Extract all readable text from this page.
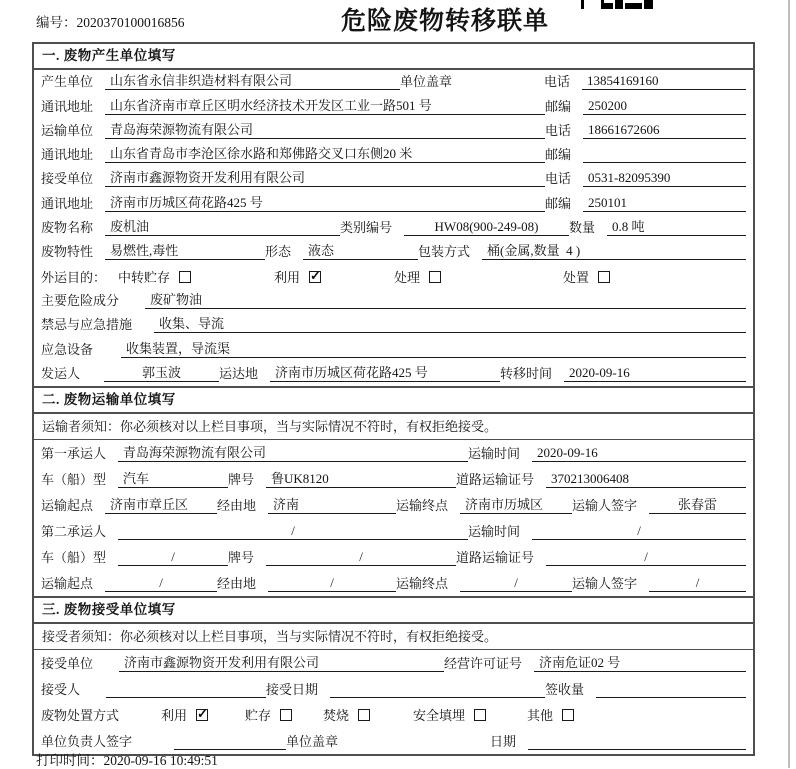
编号：2020370100016856	危险废物转移联单
一. 废物产生单位填写
产生单位	山东省永信非织造材料有限公司	单位盖章	电话	13854169160
通讯地址	山东省济南市章丘区明水经济技术开发区工业一路501 号	邮编	250200
运输单位	青岛海荣源物流有限公司	电话	18661672606
通讯地址	山东省青岛市李沧区徐水路和郑佛路交叉口东侧20 米	邮编
接受单位	济南市鑫源物资开发利用有限公司	电话	0531-82095390
通讯地址	济南市历城区荷花路425 号	邮编	250101
废物名称	废机油	类别编号	HW08(900-249-08)	数量	0.8 吨
废物特性	易燃性,毒性	形态	液态	包装方式	桶(金属,数量  4 )
外运目的： 中转贮存	利用 ✓	处理	处置
主要危险成分	废矿物油
禁忌与应急措施	收集、导流
应急设备	收集装置，导流渠
发运人	郭玉波	运达地	济南市历城区荷花路425 号	转移时间	2020-09-16
二. 废物运输单位填写
运输者须知：你必须核对以上栏目事项，当与实际情况不符时，有权拒绝接受。
第一承运人	青岛海荣源物流有限公司	运输时间	2020-09-16
车（船）型	汽车	牌号	鲁UK8120	道路运输证号	370213006408
运输起点	济南市章丘区	经由地	济南	运输终点	济南市历城区	运输人签字	张春雷
第二承运人	/	运输时间	/
车（船）型	/	牌号	/	道路运输证号	/
运输起点	/	经由地	/	运输终点	/	运输人签字	/
三. 废物接受单位填写
接受者须知：你必须核对以上栏目事项，当与实际情况不符时，有权拒绝接受。
接受单位	济南市鑫源物资开发利用有限公司	经营许可证号	济南危证02 号
接受人	接受日期	签收量
废物处置方式	利用 ✓	贮存	焚烧	安全填埋	其他
单位负责人签字	单位盖章	日期
打印时间：2020-09-16 10:49:51
